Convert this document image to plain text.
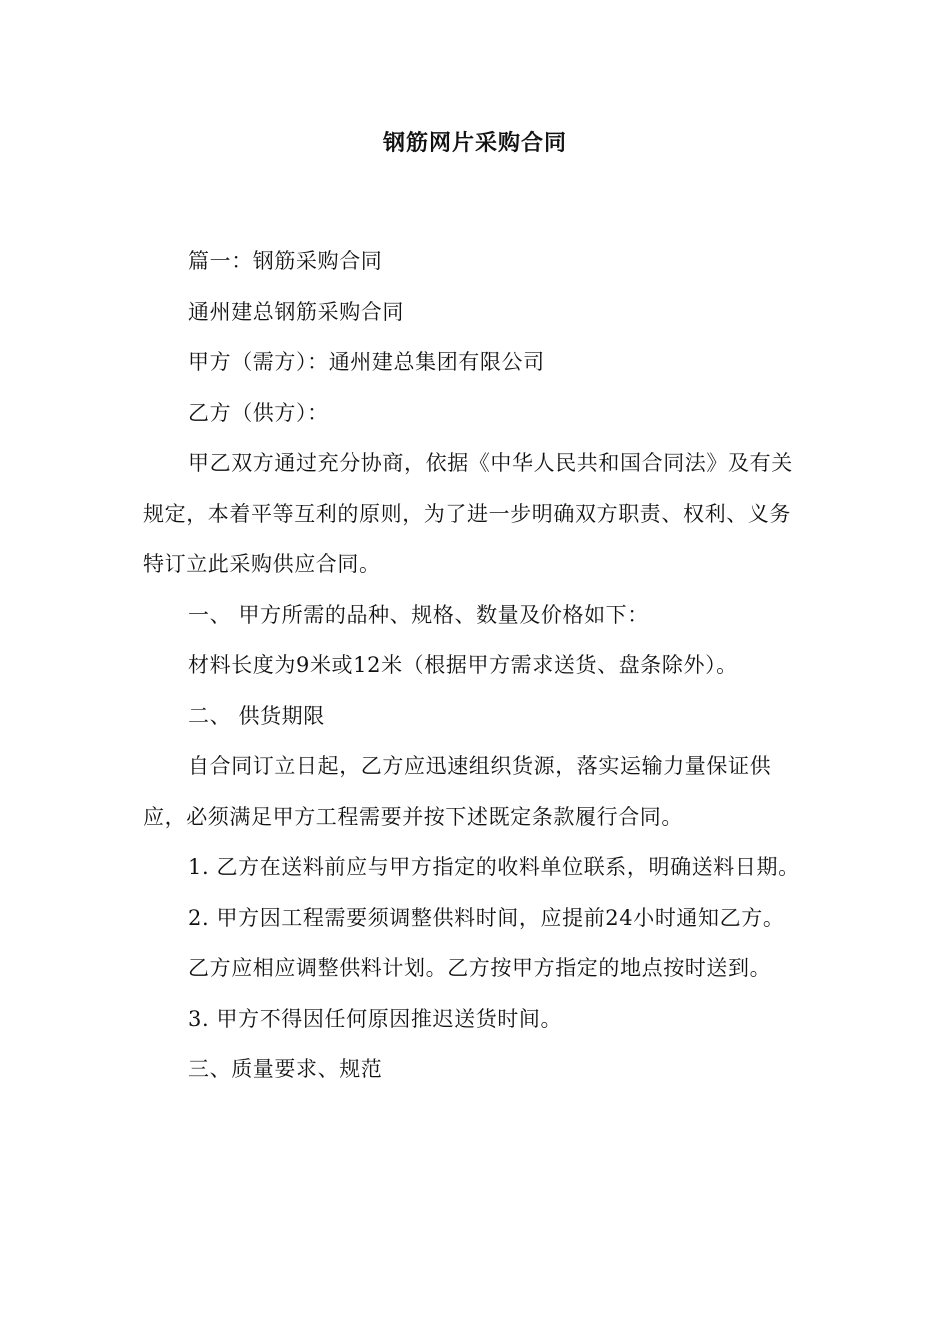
钢筋网片采购合同

篇一：钢筋采购合同

通州建总钢筋采购合同

甲方（需方）：通州建总集团有限公司

乙方（供方）：

甲乙双方通过充分协商，依据《中华人民共和国合同法》及有关规定，本着平等互利的原则，为了进一步明确双方职责、权利、义务特订立此采购供应合同。

一、 甲方所需的品种、规格、数量及价格如下：

材料长度为9米或12米（根据甲方需求送货、盘条除外）。

二、 供货期限

自合同订立日起，乙方应迅速组织货源，落实运输力量保证供应，必须满足甲方工程需要并按下述既定条款履行合同。

1. 乙方在送料前应与甲方指定的收料单位联系，明确送料日期。

2. 甲方因工程需要须调整供料时间，应提前24小时通知乙方。

乙方应相应调整供料计划。乙方按甲方指定的地点按时送到。

3. 甲方不得因任何原因推迟送货时间。

三、质量要求、规范
